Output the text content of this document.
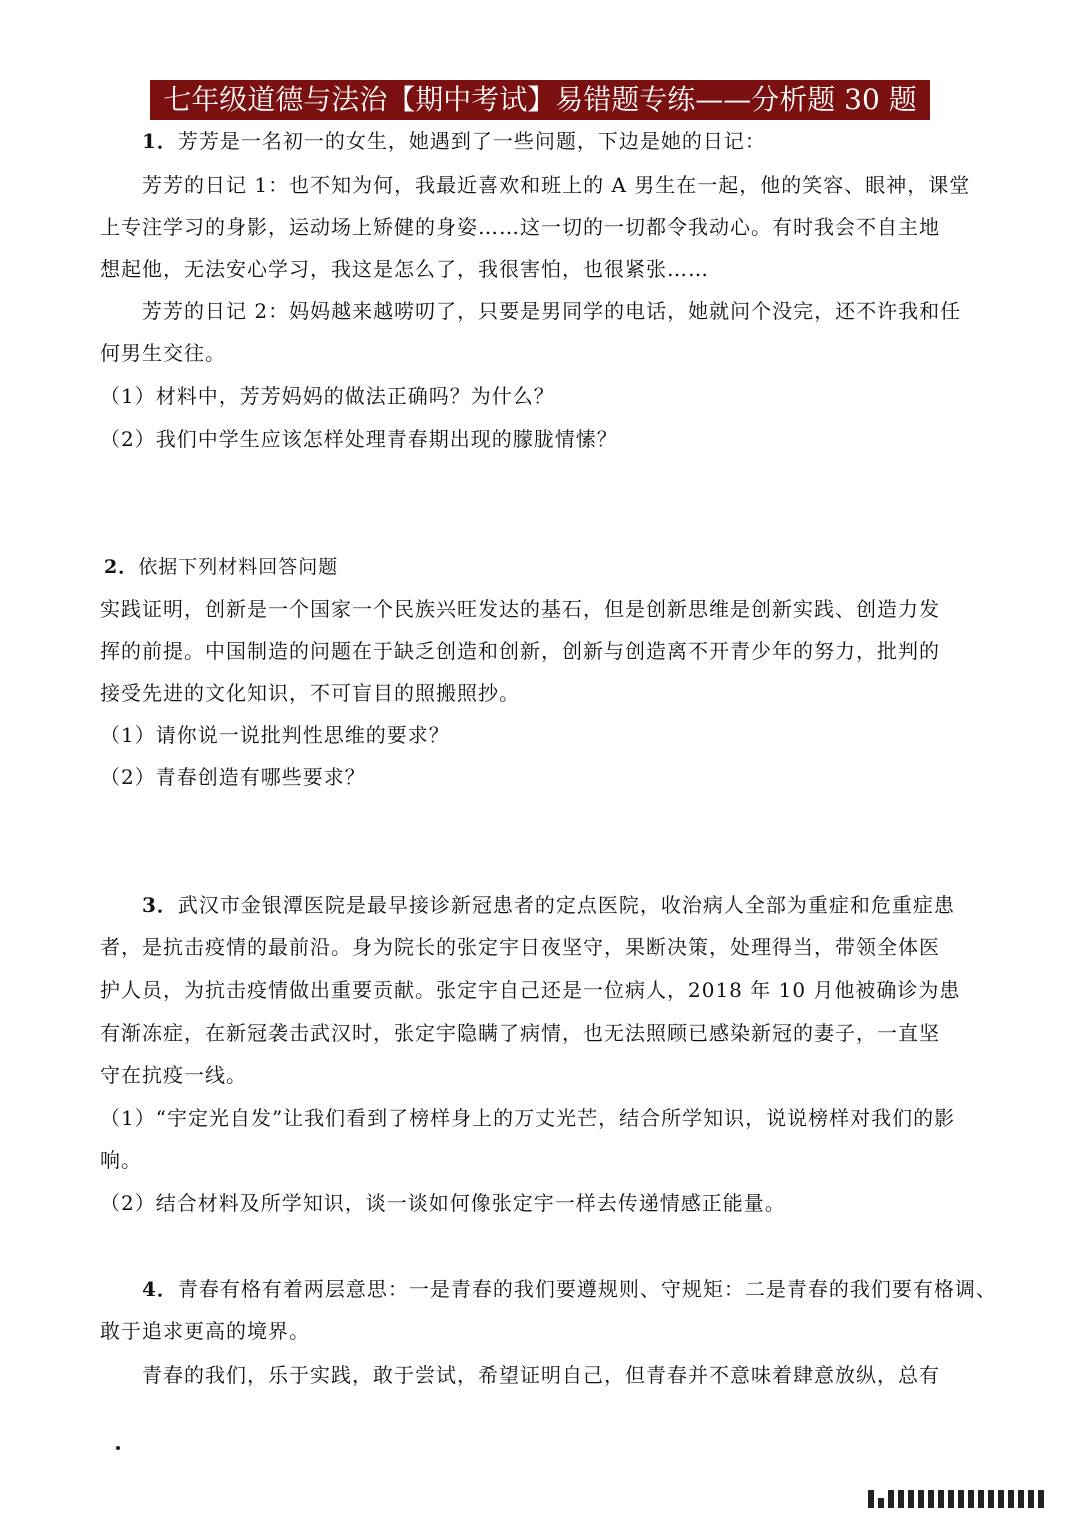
七年级道德与法治【期中考试】易错题专练——分析题 30 题
1．芳芳是一名初一的女生，她遇到了一些问题，下边是她的日记：
芳芳的日记 1：也不知为何，我最近喜欢和班上的 A 男生在一起，他的笑容、眼神，课堂
上专注学习的身影，运动场上矫健的身姿……这一切的一切都令我动心。有时我会不自主地
想起他，无法安心学习，我这是怎么了，我很害怕，也很紧张……
芳芳的日记 2：妈妈越来越唠叨了，只要是男同学的电话，她就问个没完，还不许我和任
何男生交往。
（1）材料中，芳芳妈妈的做法正确吗？为什么？
（2）我们中学生应该怎样处理青春期出现的朦胧情愫？
2．依据下列材料回答问题
实践证明，创新是一个国家一个民族兴旺发达的基石，但是创新思维是创新实践、创造力发
挥的前提。中国制造的问题在于缺乏创造和创新，创新与创造离不开青少年的努力，批判的
接受先进的文化知识，不可盲目的照搬照抄。
（1）请你说一说批判性思维的要求？
（2）青春创造有哪些要求？
3．武汉市金银潭医院是最早接诊新冠患者的定点医院，收治病人全部为重症和危重症患
者，是抗击疫情的最前沿。身为院长的张定宇日夜坚守，果断决策，处理得当，带领全体医
护人员，为抗击疫情做出重要贡献。张定宇自己还是一位病人，2018 年 10 月他被确诊为患
有渐冻症，在新冠袭击武汉时，张定宇隐瞒了病情，也无法照顾已感染新冠的妻子，一直坚
守在抗疫一线。
（1）“宇定光自发”让我们看到了榜样身上的万丈光芒，结合所学知识，说说榜样对我们的影
响。
（2）结合材料及所学知识，谈一谈如何像张定宇一样去传递情感正能量。
4．青春有格有着两层意思：一是青春的我们要遵规则、守规矩：二是青春的我们要有格调、
敢于追求更高的境界。
青春的我们，乐于实践，敢于尝试，希望证明自己，但青春并不意味着肆意放纵，总有
